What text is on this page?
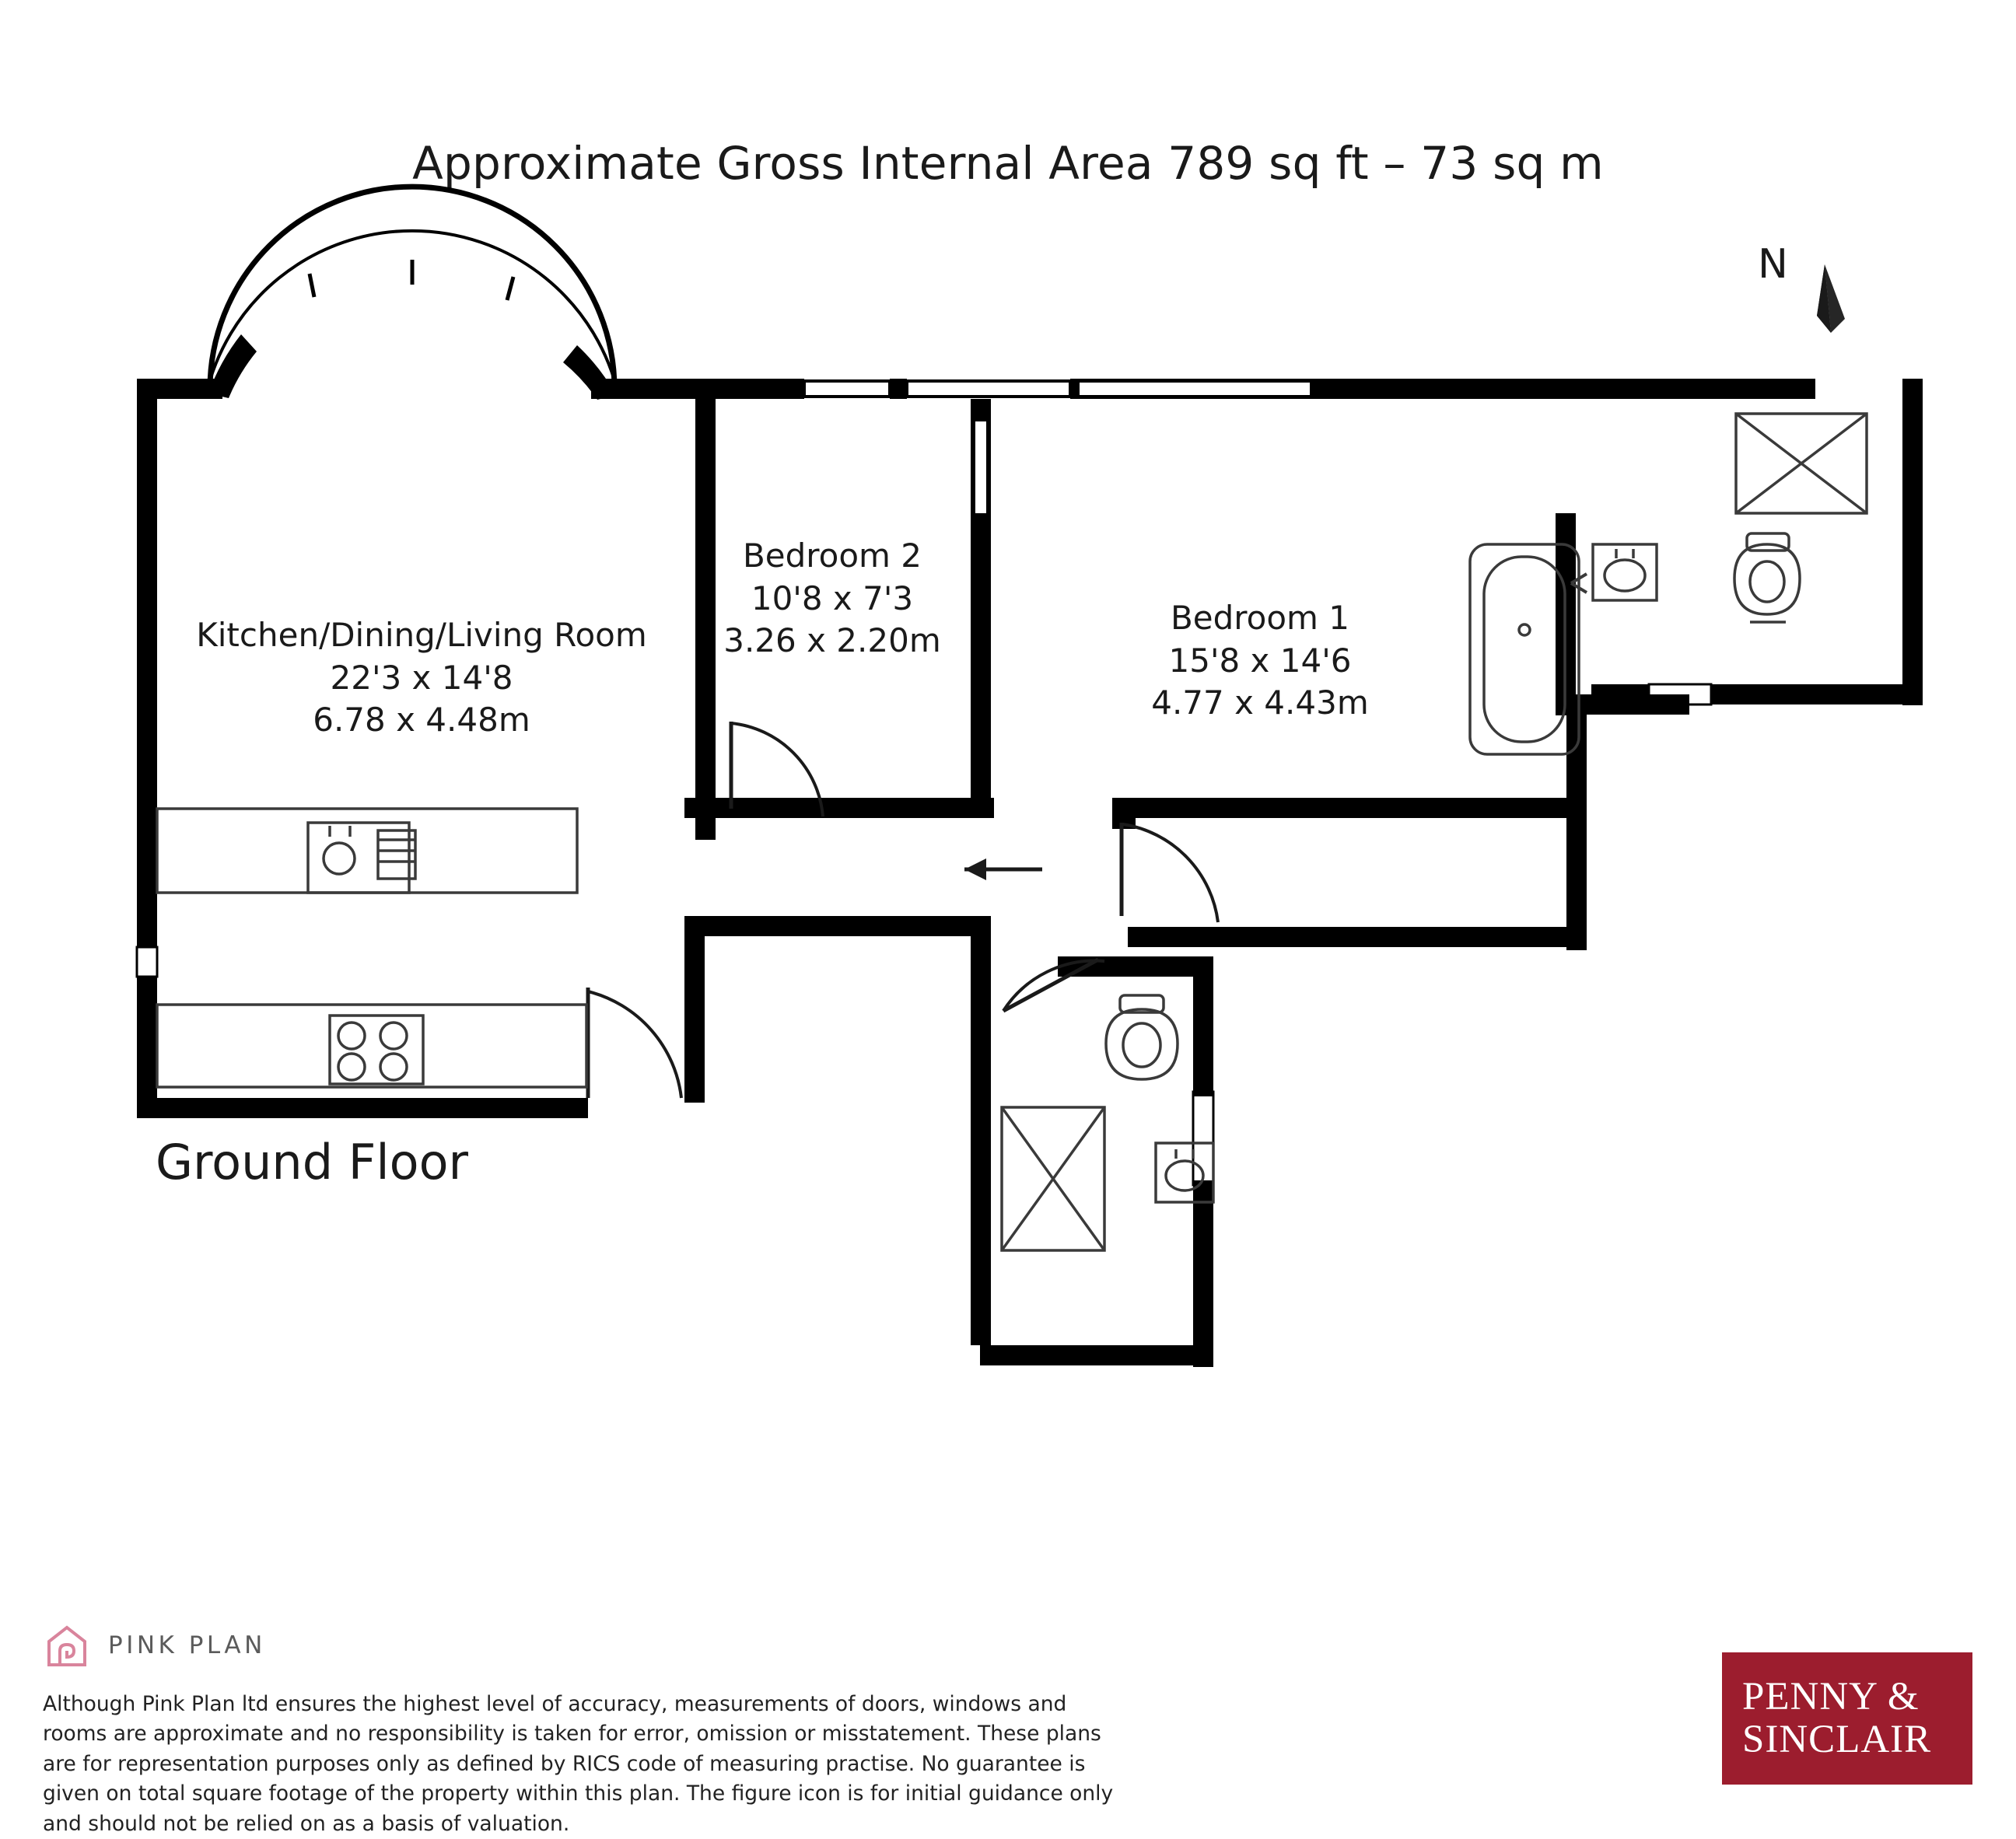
Approximate Gross Internal Area 789 sq ft – 73 sq m
N
Kitchen/Dining/Living Room
22'3 x 14'8
6.78 x 4.48m
Bedroom 2
10'8 x 7'3
3.26 x 2.20m
Bedroom 1
15'8 x 14'6
4.77 x 4.43m
Ground Floor
PINK PLAN
Although Pink Plan ltd ensures the highest level of accuracy, measurements of doors, windows and rooms are approximate and no responsibility is taken for error, omission or misstatement. These plans are for representation purposes only as defined by RICS code of measuring practise. No guarantee is given on total square footage of the property within this plan. The figure icon is for initial guidance only and should not be relied on as a basis of valuation.
PENNY &
SINCLAIR
